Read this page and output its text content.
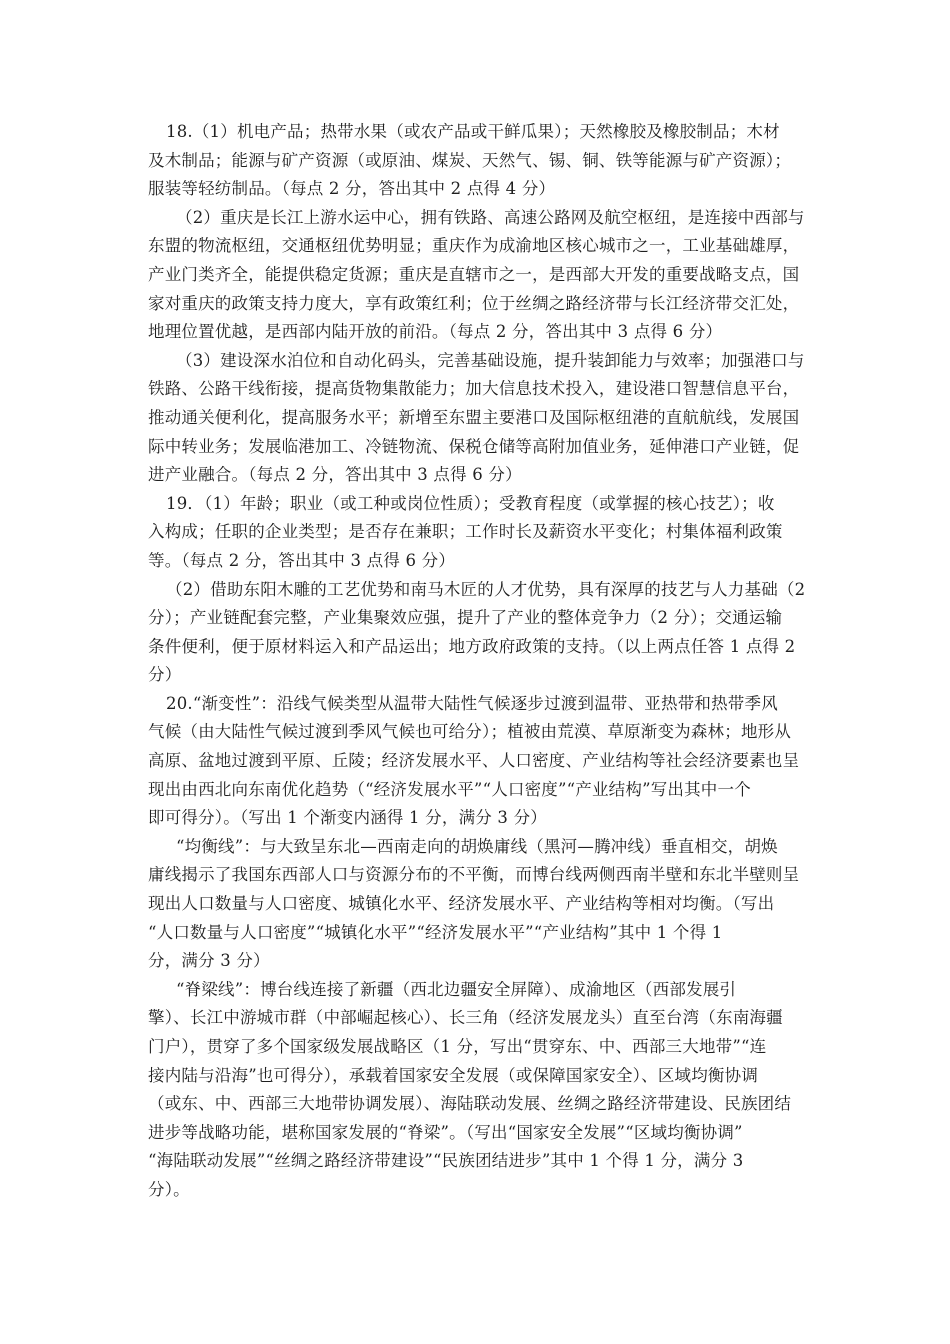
18.（1）机电产品；热带水果（或农产品或干鲜瓜果）；天然橡胶及橡胶制品；木材
及木制品；能源与矿产资源（或原油、煤炭、天然气、锡、铜、铁等能源与矿产资源）；
服装等轻纺制品。（每点 2 分，答出其中 2 点得 4 分）
（2）重庆是长江上游水运中心，拥有铁路、高速公路网及航空枢纽，是连接中西部与
东盟的物流枢纽，交通枢纽优势明显；重庆作为成渝地区核心城市之一，工业基础雄厚，
产业门类齐全，能提供稳定货源；重庆是直辖市之一，是西部大开发的重要战略支点，国
家对重庆的政策支持力度大，享有政策红利；位于丝绸之路经济带与长江经济带交汇处，
地理位置优越，是西部内陆开放的前沿。（每点 2 分，答出其中 3 点得 6 分）
（3）建设深水泊位和自动化码头，完善基础设施，提升装卸能力与效率；加强港口与
铁路、公路干线衔接，提高货物集散能力；加大信息技术投入，建设港口智慧信息平台，
推动通关便利化，提高服务水平；新增至东盟主要港口及国际枢纽港的直航航线，发展国
际中转业务；发展临港加工、冷链物流、保税仓储等高附加值业务，延伸港口产业链，促
进产业融合。（每点 2 分，答出其中 3 点得 6 分）
19．（1）年龄；职业（或工种或岗位性质）；受教育程度（或掌握的核心技艺）；收
入构成；任职的企业类型；是否存在兼职；工作时长及薪资水平变化；村集体福利政策
等。（每点 2 分，答出其中 3 点得 6 分）
（2）借助东阳木雕的工艺优势和南马木匠的人才优势，具有深厚的技艺与人力基础（2
分）；产业链配套完整，产业集聚效应强，提升了产业的整体竞争力（2 分）；交通运输
条件便利，便于原材料运入和产品运出；地方政府政策的支持。（以上两点任答 1 点得 2
分）
20.“渐变性”：沿线气候类型从温带大陆性气候逐步过渡到温带、亚热带和热带季风
气候（由大陆性气候过渡到季风气候也可给分）；植被由荒漠、草原渐变为森林；地形从
高原、盆地过渡到平原、丘陵；经济发展水平、人口密度、产业结构等社会经济要素也呈
现出由西北向东南优化趋势（“经济发展水平”“人口密度”“产业结构”写出其中一个
即可得分）。（写出 1 个渐变内涵得 1 分，满分 3 分）
“均衡线”：与大致呈东北—西南走向的胡焕庸线（黑河—腾冲线）垂直相交，胡焕
庸线揭示了我国东西部人口与资源分布的不平衡，而博台线两侧西南半壁和东北半壁则呈
现出人口数量与人口密度、城镇化水平、经济发展水平、产业结构等相对均衡。（写出
“人口数量与人口密度”“城镇化水平”“经济发展水平”“产业结构”其中 1 个得 1
分，满分 3 分）
“脊梁线”：博台线连接了新疆（西北边疆安全屏障）、成渝地区（西部发展引
擎）、长江中游城市群（中部崛起核心）、长三角（经济发展龙头）直至台湾（东南海疆
门户），贯穿了多个国家级发展战略区（1 分，写出“贯穿东、中、西部三大地带”“连
接内陆与沿海”也可得分），承载着国家安全发展（或保障国家安全）、区域均衡协调
（或东、中、西部三大地带协调发展）、海陆联动发展、丝绸之路经济带建设、民族团结
进步等战略功能，堪称国家发展的“脊梁”。（写出“国家安全发展”“区域均衡协调”
“海陆联动发展”“丝绸之路经济带建设”“民族团结进步”其中 1 个得 1 分，满分 3
分）。
